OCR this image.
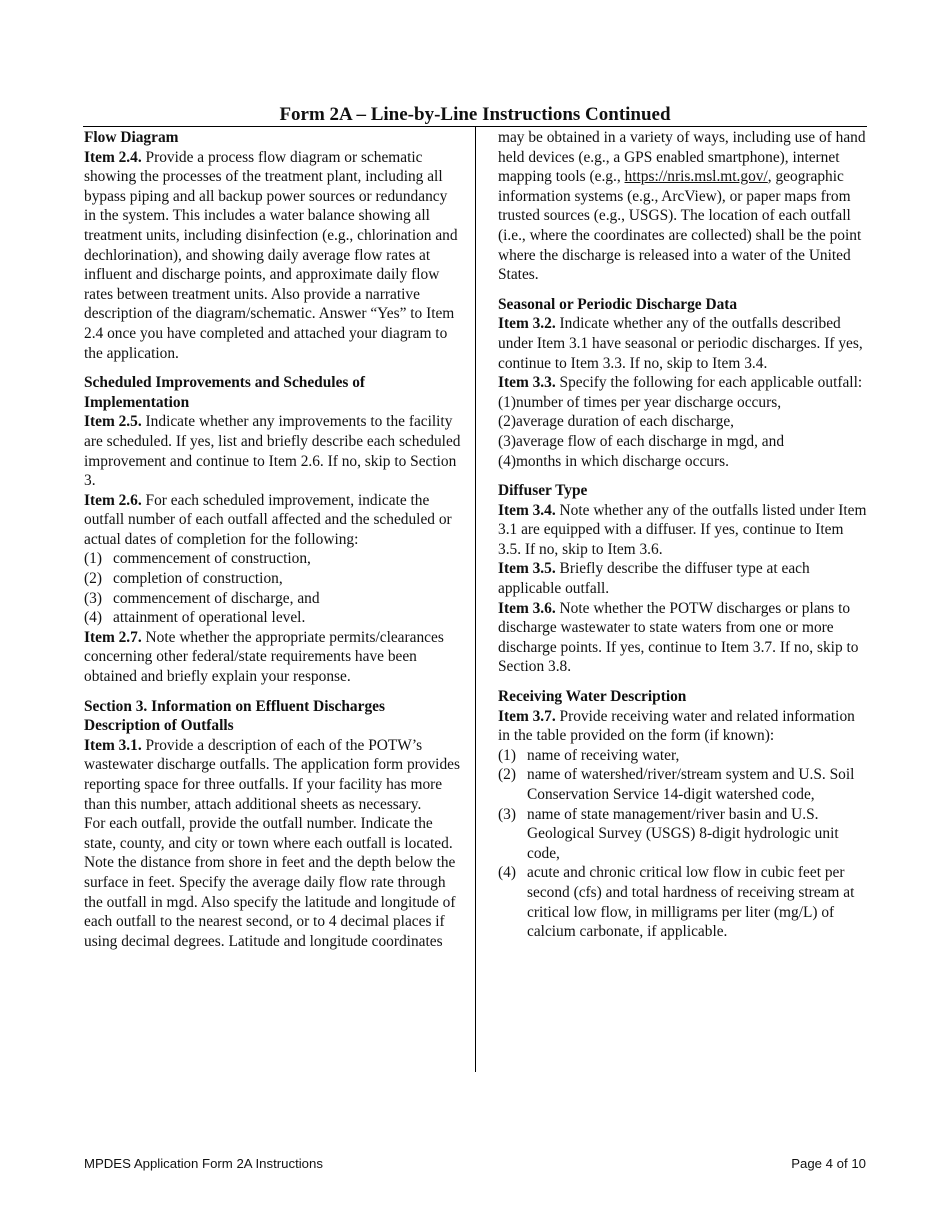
Form 2A – Line-by-Line Instructions Continued

Flow Diagram

Item 2.4. Provide a process flow diagram or schematic showing the processes of the treatment plant, including all bypass piping and all backup power sources or redundancy in the system. This includes a water balance showing all treatment units, including disinfection (e.g., chlorination and dechlorination), and showing daily average flow rates at influent and discharge points, and approximate daily flow rates between treatment units. Also provide a narrative description of the diagram/schematic. Answer “Yes” to Item 2.4 once you have completed and attached your diagram to the application.

Scheduled Improvements and Schedules of Implementation

Item 2.5. Indicate whether any improvements to the facility are scheduled. If yes, list and briefly describe each scheduled improvement and continue to Item 2.6. If no, skip to Section 3.

Item 2.6. For each scheduled improvement, indicate the outfall number of each outfall affected and the scheduled or actual dates of completion for the following:

(1) commencement of construction,
(2) completion of construction,
(3) commencement of discharge, and
(4) attainment of operational level.

Item 2.7. Note whether the appropriate permits/clearances concerning other federal/state requirements have been obtained and briefly explain your response.

Section 3. Information on Effluent Discharges

Description of Outfalls

Item 3.1. Provide a description of each of the POTW’s wastewater discharge outfalls. The application form provides reporting space for three outfalls. If your facility has more than this number, attach additional sheets as necessary.

For each outfall, provide the outfall number. Indicate the state, county, and city or town where each outfall is located. Note the distance from shore in feet and the depth below the surface in feet. Specify the average daily flow rate through the outfall in mgd. Also specify the latitude and longitude of each outfall to the nearest second, or to 4 decimal places if using decimal degrees. Latitude and longitude coordinates

may be obtained in a variety of ways, including use of hand held devices (e.g., a GPS enabled smartphone), internet mapping tools (e.g., https://nris.msl.mt.gov/, geographic information systems (e.g., ArcView), or paper maps from trusted sources (e.g., USGS). The location of each outfall (i.e., where the coordinates are collected) shall be the point where the discharge is released into a water of the United States.

Seasonal or Periodic Discharge Data

Item 3.2. Indicate whether any of the outfalls described under Item 3.1 have seasonal or periodic discharges. If yes, continue to Item 3.3. If no, skip to Item 3.4.

Item 3.3. Specify the following for each applicable outfall:

(1)number of times per year discharge occurs,
(2)average duration of each discharge,
(3)average flow of each discharge in mgd, and
(4)months in which discharge occurs.

Diffuser Type

Item 3.4. Note whether any of the outfalls listed under Item 3.1 are equipped with a diffuser. If yes, continue to Item 3.5. If no, skip to Item 3.6.

Item 3.5. Briefly describe the diffuser type at each applicable outfall.

Item 3.6. Note whether the POTW discharges or plans to discharge wastewater to state waters from one or more discharge points. If yes, continue to Item 3.7. If no, skip to Section 3.8.

Receiving Water Description

Item 3.7. Provide receiving water and related information in the table provided on the form (if known):

(1) name of receiving water,
(2) name of watershed/river/stream system and U.S. Soil Conservation Service 14-digit watershed code,
(3) name of state management/river basin and U.S. Geological Survey (USGS) 8-digit hydrologic unit code,
(4) acute and chronic critical low flow in cubic feet per second (cfs) and total hardness of receiving stream at critical low flow, in milligrams per liter (mg/L) of calcium carbonate, if applicable.
MPDES Application Form 2A Instructions	Page 4 of 10
